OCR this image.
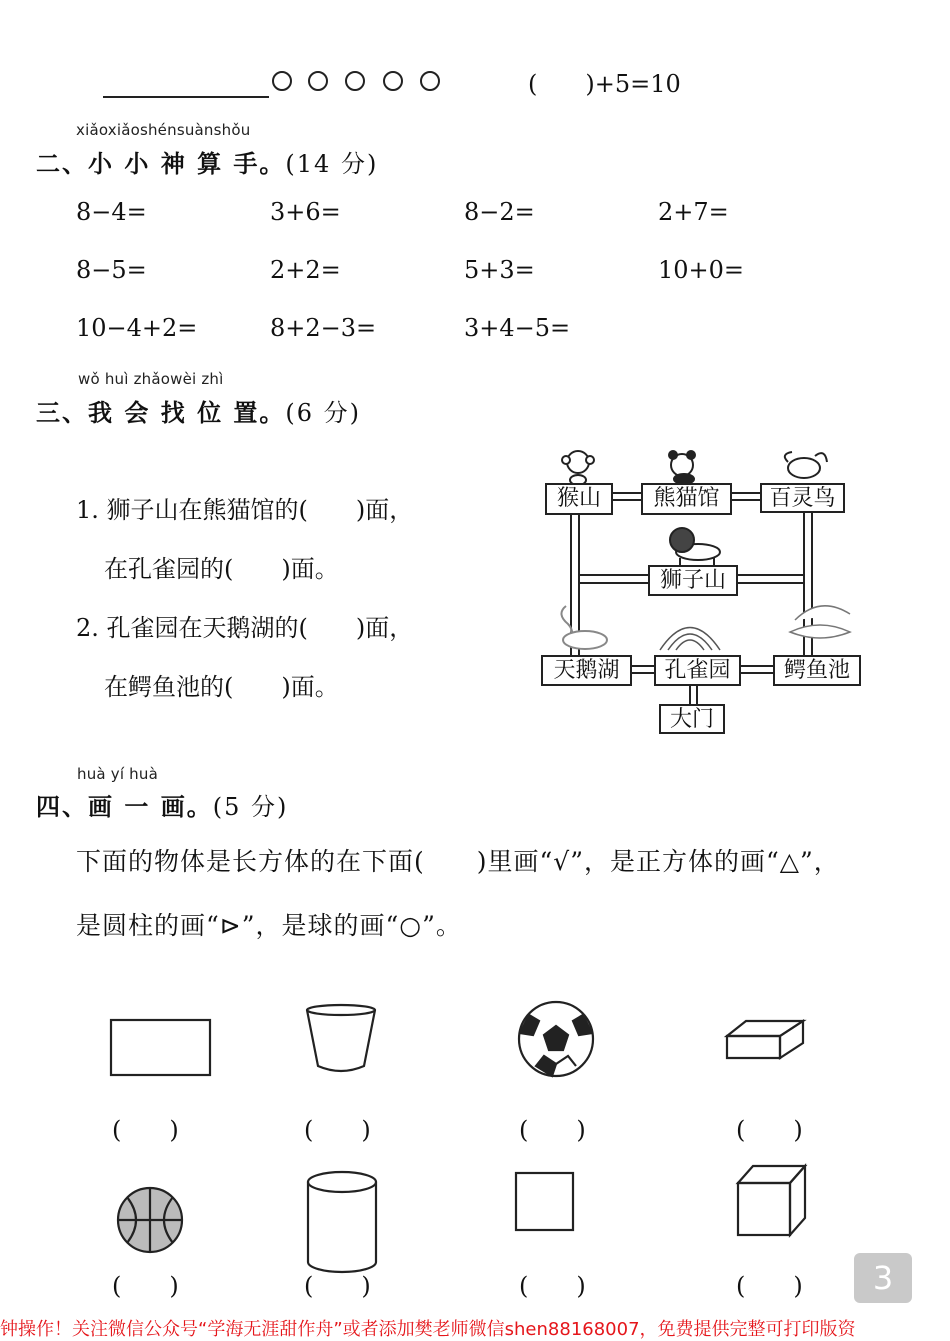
(　　)+5=10
xiǎoxiǎoshénsuànshǒu
二、小 小 神 算 手。(14 分)
8−4=	3+6=	8−2=	2+7=
8−5=	2+2=	5+3=	10+0=
10−4+2=	8+2−3=	3+4−5=
wǒ huì zhǎowèi zhì
三、我 会 找 位 置。(6 分)
1. 狮子山在熊猫馆的(　　)面，
在孔雀园的(　　)面。
2. 孔雀园在天鹅湖的(　　)面，
在鳄鱼池的(　　)面。
猴山	熊猫馆	百灵鸟
狮子山
天鹅湖	孔雀园	鳄鱼池
大门
huà yí huà
四、画 一 画。(5 分)
下面的物体是长方体的在下面(　　)里画“√”，是正方体的画“△”，
是圆柱的画“⊳”，是球的画“○”。
(　　)	(　　)	(　　)	(　　)
(　　)	(　　)	(　　)	(　　)	3
钟操作！关注微信公众号“学海无涯甜作舟”或者添加樊老师微信shen88168007，免费提供完整可打印版资
